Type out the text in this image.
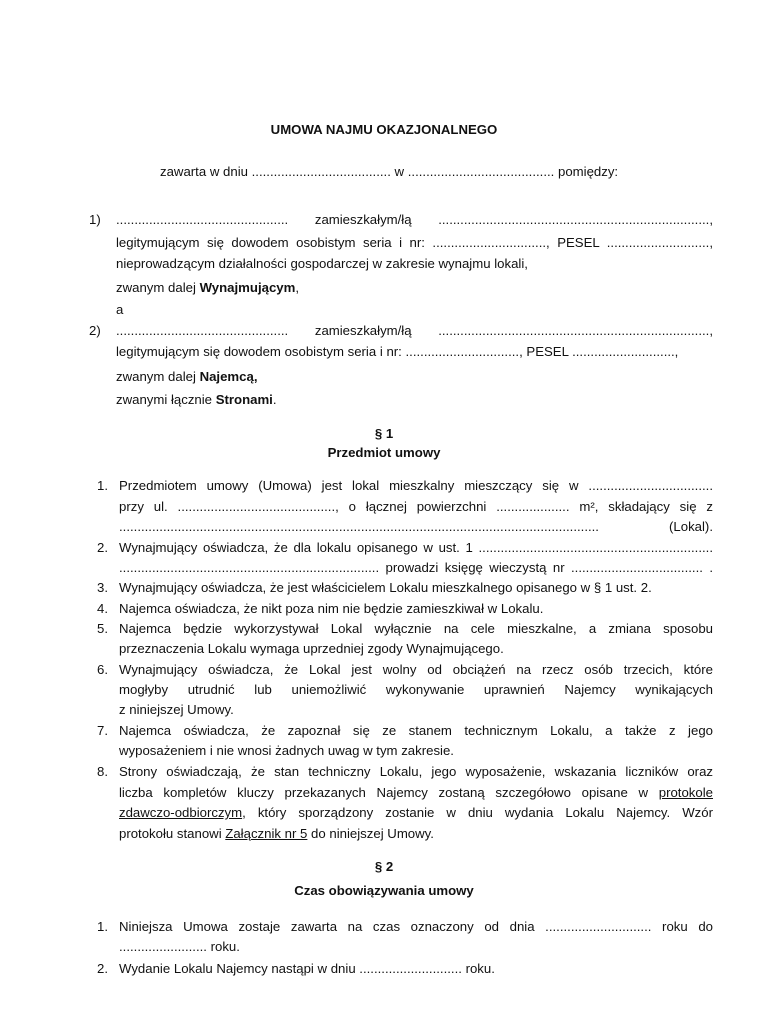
UMOWA NAJMU OKAZJONALNEGO
zawarta w dniu ...................................... w ........................................ pomiędzy:
1) ............................................... zamieszkałym/łą ..........................................................................,
legitymującym się dowodem osobistym seria i nr: ..............................., PESEL ............................,
nieprowadzącym działalności gospodarczej w zakresie wynajmu lokali,
zwanym dalej Wynajmującym,
a
2) ............................................... zamieszkałym/łą ..........................................................................,
legitymującym się dowodem osobistym seria i nr: ..............................., PESEL ............................,
zwanym dalej Najemcą,
zwanymi łącznie Stronami.
§ 1
Przedmiot umowy
1. Przedmiotem umowy (Umowa) jest lokal mieszkalny mieszczący się w ..................................
przy ul. ..........................................., o łącznej powierzchni .................... m², składający się z
................................................................................................................................... (Lokal).
2. Wynajmujący oświadcza, że dla lokalu opisanego w ust. 1 ................................................................
....................................................................... prowadzi księgę wieczystą nr .................................... .
3. Wynajmujący oświadcza, że jest właścicielem Lokalu mieszkalnego opisanego w § 1 ust. 2.
4. Najemca oświadcza, że nikt poza nim nie będzie zamieszkiwał w Lokalu.
5. Najemca będzie wykorzystywał Lokal wyłącznie na cele mieszkalne, a zmiana sposobu
przeznaczenia Lokalu wymaga uprzedniej zgody Wynajmującego.
6. Wynajmujący oświadcza, że Lokal jest wolny od obciążeń na rzecz osób trzecich, które
mogłyby utrudnić lub uniemożliwić wykonywanie uprawnień Najemcy wynikających
z niniejszej Umowy.
7. Najemca oświadcza, że zapoznał się ze stanem technicznym Lokalu, a także z jego
wyposażeniem i nie wnosi żadnych uwag w tym zakresie.
8. Strony oświadczają, że stan techniczny Lokalu, jego wyposażenie, wskazania liczników oraz
liczba kompletów kluczy przekazanych Najemcy zostaną szczegółowo opisane w protokole
zdawczo-odbiorczym, który sporządzony zostanie w dniu wydania Lokalu Najemcy. Wzór
protokołu stanowi Załącznik nr 5 do niniejszej Umowy.
§ 2
Czas obowiązywania umowy
1. Niniejsza Umowa zostaje zawarta na czas oznaczony od dnia ............................. roku do
........................ roku.
2. Wydanie Lokalu Najemcy nastąpi w dniu ............................ roku.
